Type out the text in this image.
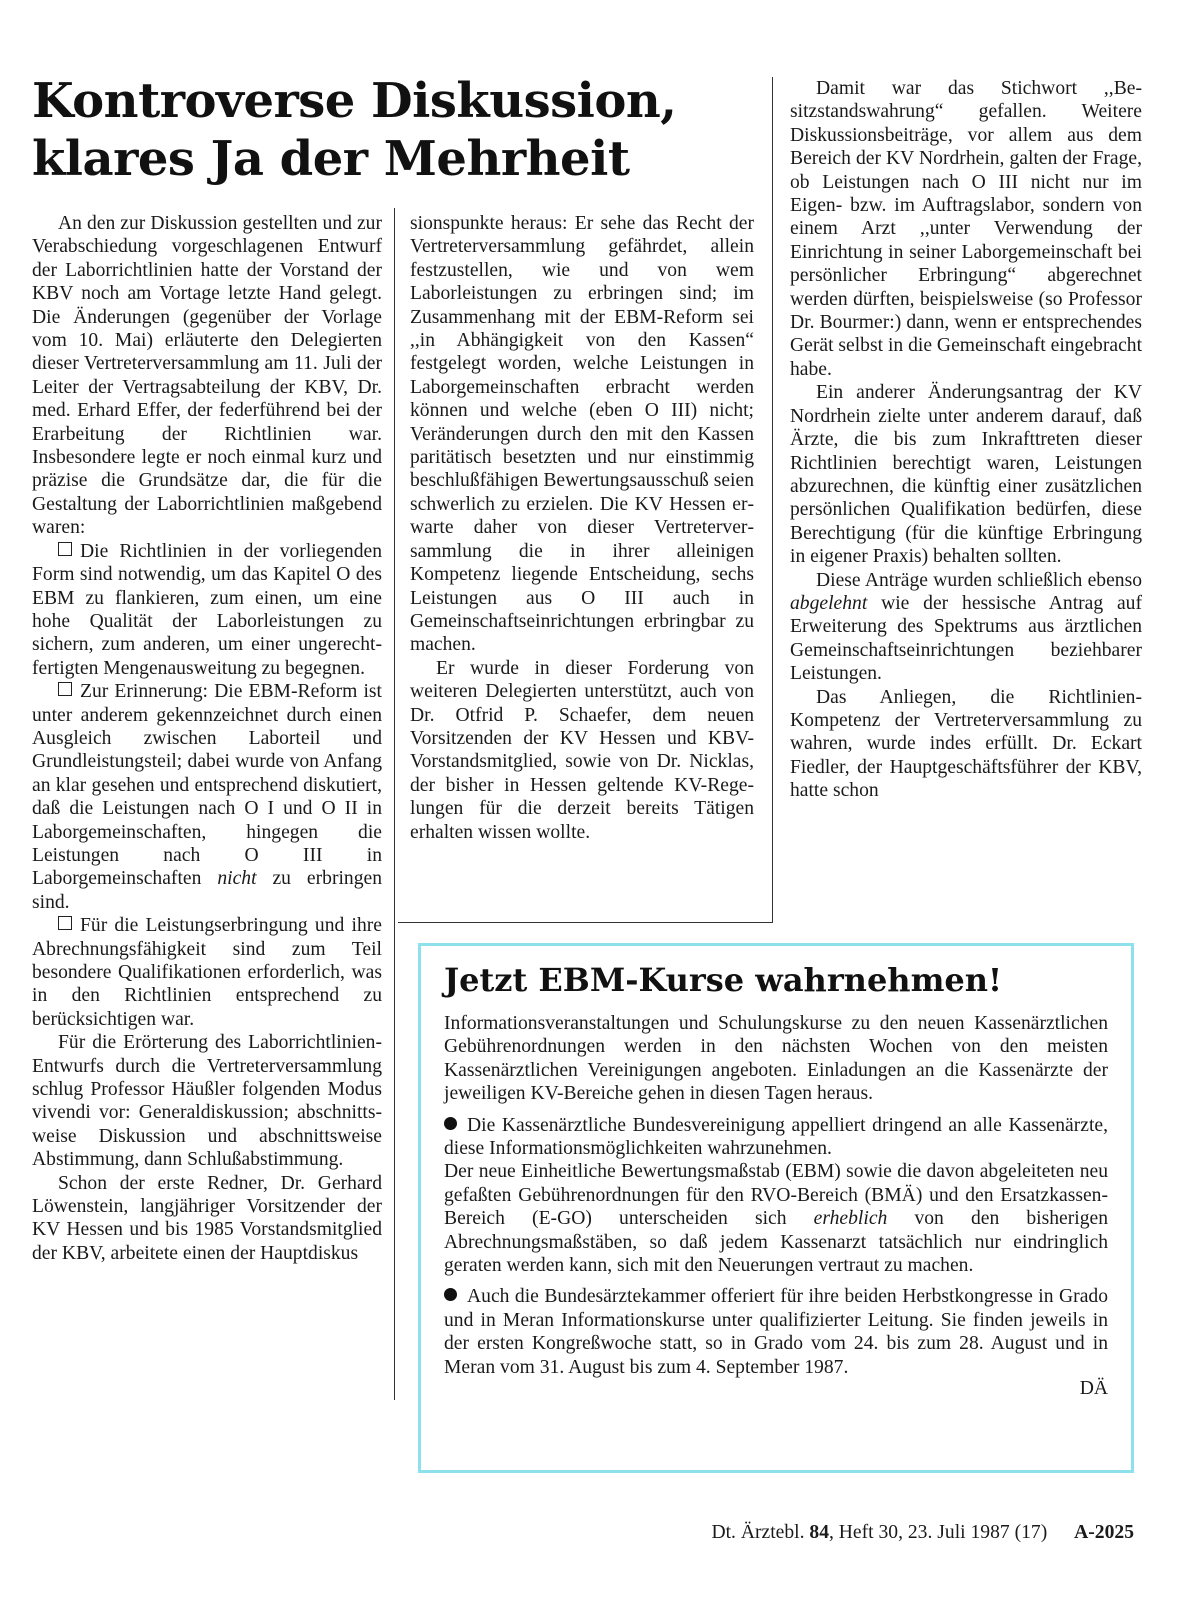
Kontroverse Diskussion,
klares Ja der Mehrheit

An den zur Diskussion gestellten und zur Verabschiedung vorgeschlagenen Entwurf der Laborrichtlinien hatte der Vorstand der KBV noch am Vortage letzte Hand gelegt. Die Änderungen (gegenüber der Vorlage vom 10. Mai) erläuterte den Delegierten dieser Vertreterversammlung am 11. Juli der Leiter der Vertragsabteilung der KBV, Dr. med. Erhard Effer, der federführend bei der Erarbeitung der Richtlinien war. Insbesondere legte er noch einmal kurz und präzise die Grundsätze dar, die für die Gestaltung der Laborrichtlinien maßgebend waren:

Die Richtlinien in der vorliegenden Form sind notwendig, um das Kapitel O des EBM zu flankieren, zum einen, um eine hohe Qualität der Laborleistungen zu sichern, zum anderen, um einer ungerechtfertigten Mengenausweitung zu begegnen.

Zur Erinnerung: Die EBM-Reform ist unter anderem gekennzeichnet durch einen Ausgleich zwischen Laborteil und Grundleistungsteil; dabei wurde von Anfang an klar gesehen und entsprechend diskutiert, daß die Leistungen nach O I und O II in Laborgemeinschaften, hingegen die Leistungen nach O III in Laborgemeinschaften nicht zu erbringen sind.

Für die Leistungserbringung und ihre Abrechnungsfähigkeit sind zum Teil besondere Qualifikationen erforderlich, was in den Richtlinien entsprechend zu berücksichtigen war.

Für die Erörterung des Laborrichtlinien-Entwurfs durch die Vertreterversammlung schlug Professor Häußler folgenden Modus vivendi vor: Generaldiskussion; abschnittsweise Diskussion und abschnittsweise Abstimmung, dann Schlußabstimmung.

Schon der erste Redner, Dr. Gerhard Löwenstein, langjähriger Vorsitzender der KV Hessen und bis 1985 Vorstandsmitglied der KBV, arbeitete einen der Hauptdiskus

sionspunkte heraus: Er sehe das Recht der Vertreterversammlung gefährdet, allein festzustellen, wie und von wem Laborleistungen zu erbringen sind; im Zusammenhang mit der EBM-Reform sei ,,in Abhängigkeit von den Kassen“ festgelegt worden, welche Leistungen in Laborgemeinschaften erbracht werden können und welche (eben O III) nicht; Veränderungen durch den mit den Kassen paritätisch besetzten und nur einstimmig beschlußfähigen Bewertungsausschuß seien schwerlich zu erzielen. Die KV Hessen erwarte daher von dieser Vertreterversammlung die in ihrer alleinigen Kompetenz liegende Entscheidung, sechs Leistungen aus O III auch in Gemeinschaftseinrichtungen erbringbar zu machen.

Er wurde in dieser Forderung von weiteren Delegierten unterstützt, auch von Dr. Otfrid P. Schaefer, dem neuen Vorsitzenden der KV Hessen und KBV-Vorstandsmitglied, sowie von Dr. Nicklas, der bisher in Hessen geltende KV-Regelungen für die derzeit bereits Tätigen erhalten wissen wollte.

Damit war das Stichwort ,,Besitzstandswahrung“ gefallen. Weitere Diskussionsbeiträge, vor allem aus dem Bereich der KV Nordrhein, galten der Frage, ob Leistungen nach O III nicht nur im Eigen- bzw. im Auftragslabor, sondern von einem Arzt ,,unter Verwendung der Einrichtung in seiner Laborgemeinschaft bei persönlicher Erbringung“ abgerechnet werden dürften, beispielsweise (so Professor Dr. Bourmer:) dann, wenn er entsprechendes Gerät selbst in die Gemeinschaft eingebracht habe.

Ein anderer Änderungsantrag der KV Nordrhein zielte unter anderem darauf, daß Ärzte, die bis zum Inkrafttreten dieser Richtlinien berechtigt waren, Leistungen abzurechnen, die künftig einer zusätzlichen persönlichen Qualifikation bedürfen, diese Berechtigung (für die künftige Erbringung in eigener Praxis) behalten sollten.

Diese Anträge wurden schließlich ebenso abgelehnt wie der hessische Antrag auf Erweiterung des Spektrums aus ärztlichen Gemeinschaftseinrichtungen beziehbarer Leistungen.

Das Anliegen, die Richtlinien-Kompetenz der Vertreterversammlung zu wahren, wurde indes erfüllt. Dr. Eckart Fiedler, der Hauptgeschäftsführer der KBV, hatte schon

Jetzt EBM-Kurse wahrnehmen!

Informationsveranstaltungen und Schulungskurse zu den neuen Kassenärztlichen Gebührenordnungen werden in den nächsten Wochen von den meisten Kassenärztlichen Vereinigungen angeboten. Einladungen an die Kassenärzte der jeweiligen KV-Bereiche gehen in diesen Tagen heraus.

Die Kassenärztliche Bundesvereinigung appelliert dringend an alle Kassenärzte, diese Informationsmöglichkeiten wahrzunehmen.

Der neue Einheitliche Bewertungsmaßstab (EBM) sowie die davon abgeleiteten neu gefaßten Gebührenordnungen für den RVO-Bereich (BMÄ) und den Ersatzkassen-Bereich (E-GO) unterscheiden sich erheblich von den bisherigen Abrechnungsmaßstäben, so daß jedem Kassenarzt tatsächlich nur eindringlich geraten werden kann, sich mit den Neuerungen vertraut zu machen.

Auch die Bundesärztekammer offeriert für ihre beiden Herbstkongresse in Grado und in Meran Informationskurse unter qualifizierter Leitung. Sie finden jeweils in der ersten Kongreßwoche statt, so in Grado vom 24. bis zum 28. August und in Meran vom 31. August bis zum 4. September 1987.

DÄ
Dt. Ärztebl. 84, Heft 30, 23. Juli 1987 (17) A-2025
